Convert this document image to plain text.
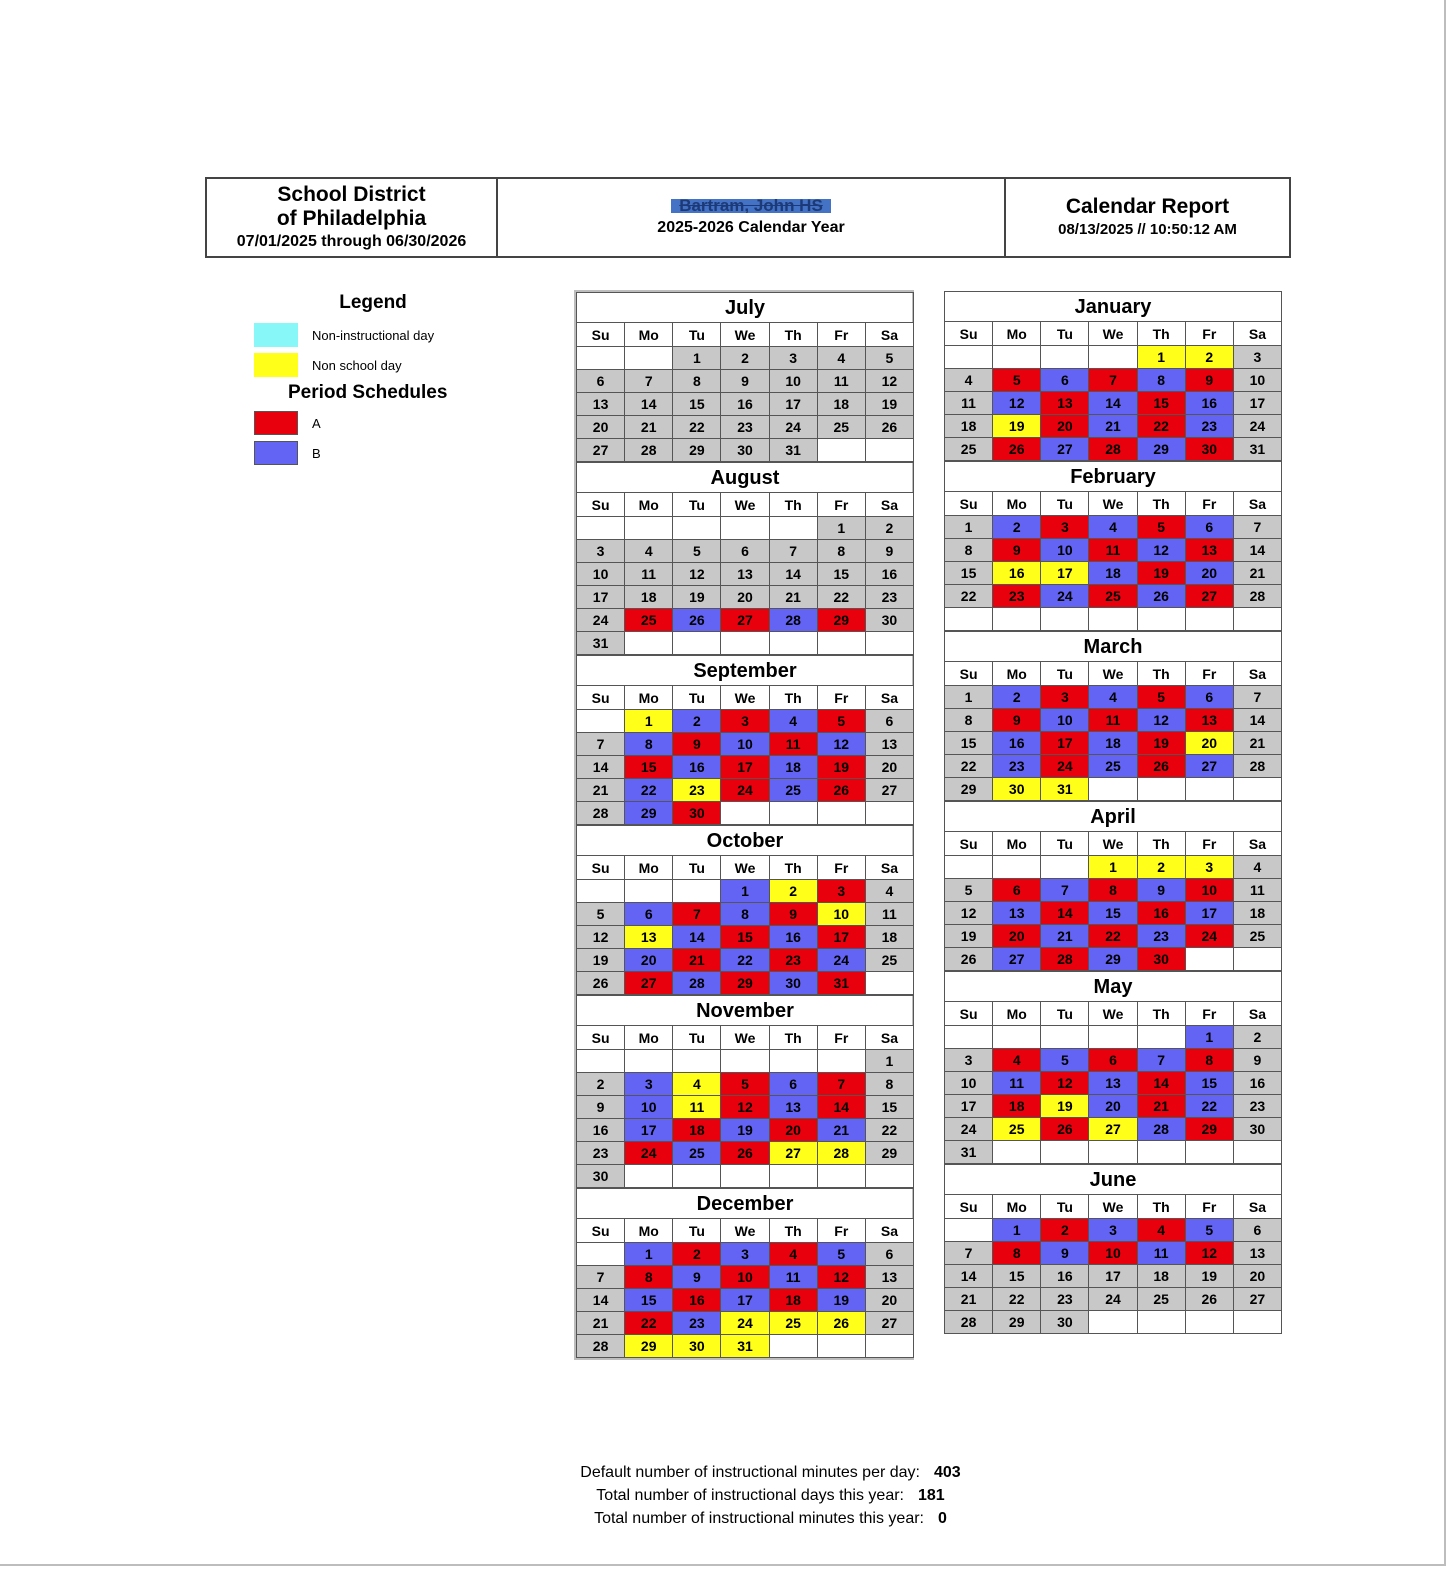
School District
of Philadelphia
07/01/2025 through 06/30/2026
Bartram, John HS
2025-2026 Calendar Year
Calendar Report
08/13/2025 // 10:50:12 AM
Legend
Non-instructional day
Non school day
Period Schedules
A
B
July
Su	Mo	Tu	We	Th	Fr	Sa
		1	2	3	4	5
6	7	8	9	10	11	12
13	14	15	16	17	18	19
20	21	22	23	24	25	26
27	28	29	30	31		
August
Su	Mo	Tu	We	Th	Fr	Sa
					1	2
3	4	5	6	7	8	9
10	11	12	13	14	15	16
17	18	19	20	21	22	23
24	25	26	27	28	29	30
31						
September
Su	Mo	Tu	We	Th	Fr	Sa
	1	2	3	4	5	6
7	8	9	10	11	12	13
14	15	16	17	18	19	20
21	22	23	24	25	26	27
28	29	30				
October
Su	Mo	Tu	We	Th	Fr	Sa
			1	2	3	4
5	6	7	8	9	10	11
12	13	14	15	16	17	18
19	20	21	22	23	24	25
26	27	28	29	30	31	
November
Su	Mo	Tu	We	Th	Fr	Sa
						1
2	3	4	5	6	7	8
9	10	11	12	13	14	15
16	17	18	19	20	21	22
23	24	25	26	27	28	29
30						
December
Su	Mo	Tu	We	Th	Fr	Sa
	1	2	3	4	5	6
7	8	9	10	11	12	13
14	15	16	17	18	19	20
21	22	23	24	25	26	27
28	29	30	31			
January
Su	Mo	Tu	We	Th	Fr	Sa
				1	2	3
4	5	6	7	8	9	10
11	12	13	14	15	16	17
18	19	20	21	22	23	24
25	26	27	28	29	30	31
February
Su	Mo	Tu	We	Th	Fr	Sa
1	2	3	4	5	6	7
8	9	10	11	12	13	14
15	16	17	18	19	20	21
22	23	24	25	26	27	28

March
Su	Mo	Tu	We	Th	Fr	Sa
1	2	3	4	5	6	7
8	9	10	11	12	13	14
15	16	17	18	19	20	21
22	23	24	25	26	27	28
29	30	31				
April
Su	Mo	Tu	We	Th	Fr	Sa
			1	2	3	4
5	6	7	8	9	10	11
12	13	14	15	16	17	18
19	20	21	22	23	24	25
26	27	28	29	30		
May
Su	Mo	Tu	We	Th	Fr	Sa
					1	2
3	4	5	6	7	8	9
10	11	12	13	14	15	16
17	18	19	20	21	22	23
24	25	26	27	28	29	30
31						
June
Su	Mo	Tu	We	Th	Fr	Sa
	1	2	3	4	5	6
7	8	9	10	11	12	13
14	15	16	17	18	19	20
21	22	23	24	25	26	27
28	29	30				
Default number of instructional minutes per day: 403
Total number of instructional days this year: 181
Total number of instructional minutes this year: 0
